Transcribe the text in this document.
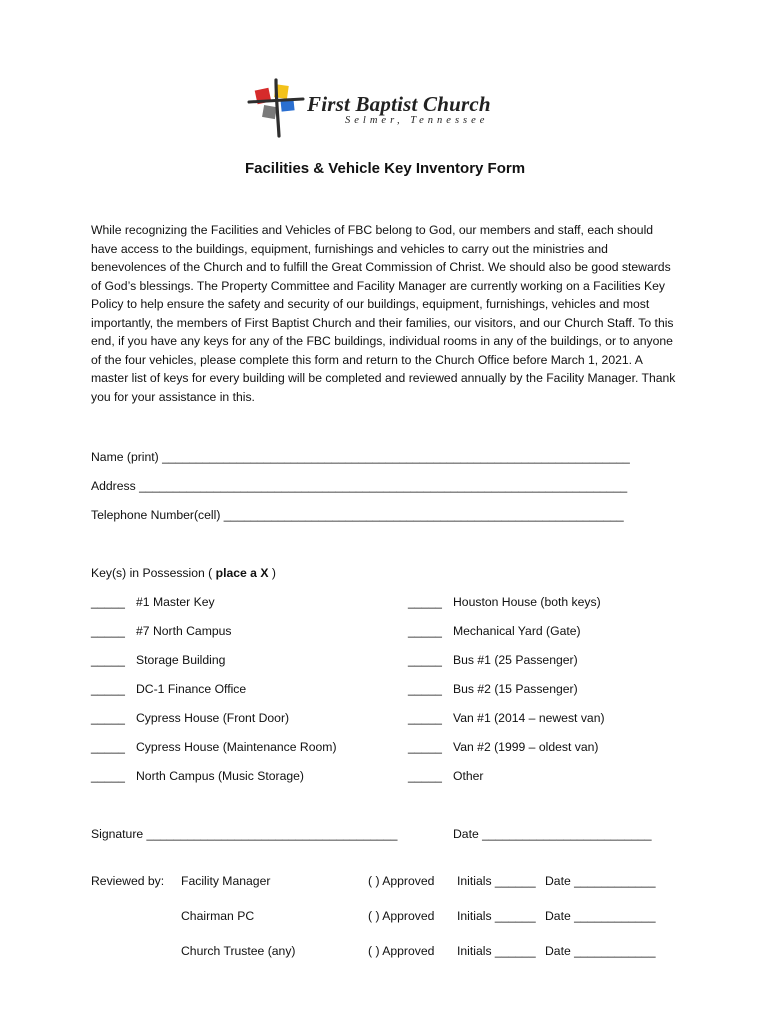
First Baptist Church
Selmer, Tennessee
Facilities & Vehicle Key Inventory Form
While recognizing the Facilities and Vehicles of FBC belong to God, our members and staff, each should have access to the buildings, equipment, furnishings and vehicles to carry out the ministries and benevolences of the Church and to fulfill the Great Commission of Christ. We should also be good stewards of God’s blessings. The Property Committee and Facility Manager are currently working on a Facilities Key Policy to help ensure the safety and security of our buildings, equipment, furnishings, vehicles and most importantly, the members of First Baptist Church and their families, our visitors, and our Church Staff. To this end, if you have any keys for any of the FBC buildings, individual rooms in any of the buildings, or to anyone of the four vehicles, please complete this form and return to the Church Office before March 1, 2021. A master list of keys for every building will be completed and reviewed annually by the Facility Manager. Thank you for your assistance in this.
Name (print) _____________________________________________________________________
Address ________________________________________________________________________
Telephone Number(cell) ___________________________________________________________
Key(s) in Possession ( place a X )
_____ #1 Master Key	_____ Houston House (both keys)
_____ #7 North Campus	_____ Mechanical Yard (Gate)
_____ Storage Building	_____ Bus #1 (25 Passenger)
_____ DC-1 Finance Office	_____ Bus #2 (15 Passenger)
_____ Cypress House (Front Door)	_____ Van #1 (2014 – newest van)
_____ Cypress House (Maintenance Room)	_____ Van #2 (1999 – oldest van)
_____ North Campus (Music Storage)	_____ Other
Signature _____________________________________	Date _________________________
Reviewed by: Facility Manager	( ) Approved Initials ______ Date ____________
Chairman PC	( ) Approved Initials ______ Date ____________
Church Trustee (any)	( ) Approved Initials ______ Date ____________
